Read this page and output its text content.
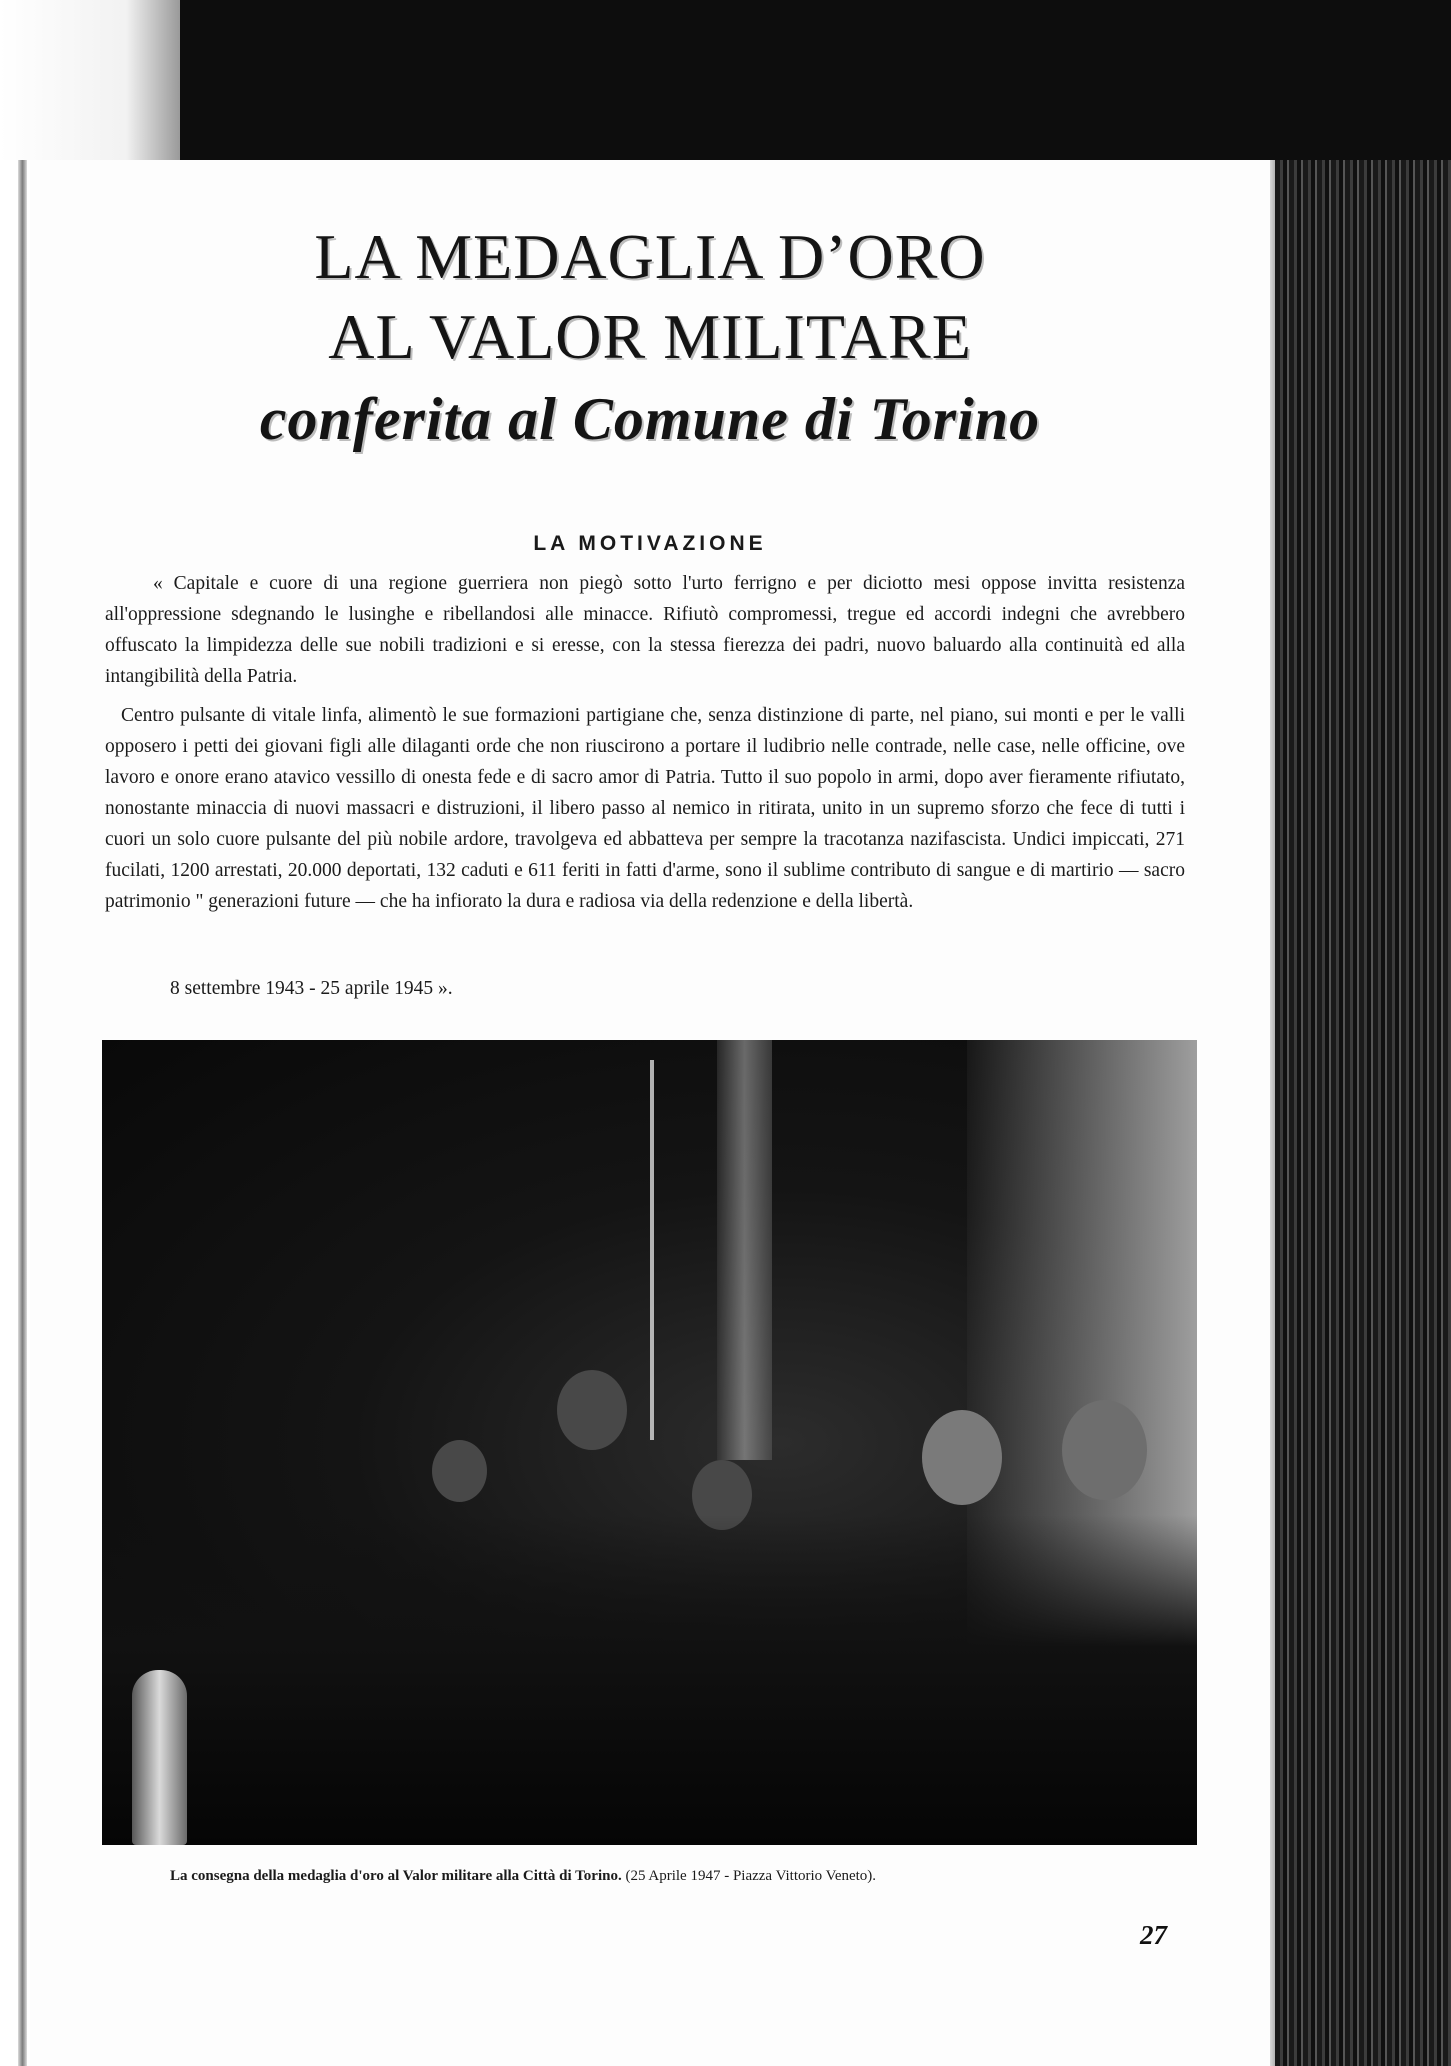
LA MEDAGLIA D’ORO
AL VALOR MILITARE
conferita al Comune di Torino
LA MOTIVAZIONE

« Capitale e cuore di una regione guerriera non piegò sotto l'urto ferrigno e per diciotto mesi oppose invitta resistenza all'oppressione sdegnando le lusinghe e ribellandosi alle minacce. Rifiutò compromessi, tregue ed accordi indegni che avrebbero offuscato la limpidezza delle sue nobili tradizioni e si eresse, con la stessa fierezza dei padri, nuovo baluardo alla continuità ed alla intangibilità della Patria.

Centro pulsante di vitale linfa, alimentò le sue formazioni partigiane che, senza distinzione di parte, nel piano, sui monti e per le valli opposero i petti dei giovani figli alle dilaganti orde che non riuscirono a portare il ludibrio nelle contrade, nelle case, nelle officine, ove lavoro e onore erano atavico vessillo di onesta fede e di sacro amor di Patria. Tutto il suo popolo in armi, dopo aver fieramente rifiutato, nonostante minaccia di nuovi massacri e distruzioni, il libero passo al nemico in ritirata, unito in un supremo sforzo che fece di tutti i cuori un solo cuore pulsante del più nobile ardore, travolgeva ed abbatteva per sempre la tracotanza nazifascista. Undici impiccati, 271 fucilati, 1200 arrestati, 20.000 deportati, 132 caduti e 611 feriti in fatti d'arme, sono il sublime contributo di sangue e di martirio — sacro patrimonio " generazioni future — che ha infiorato la dura e radiosa via della redenzione e della libertà.

8 settembre 1943 - 25 aprile 1945 ».
La consegna della medaglia d'oro al Valor militare alla Città di Torino. (25 Aprile 1947 - Piazza Vittorio Veneto).
27
